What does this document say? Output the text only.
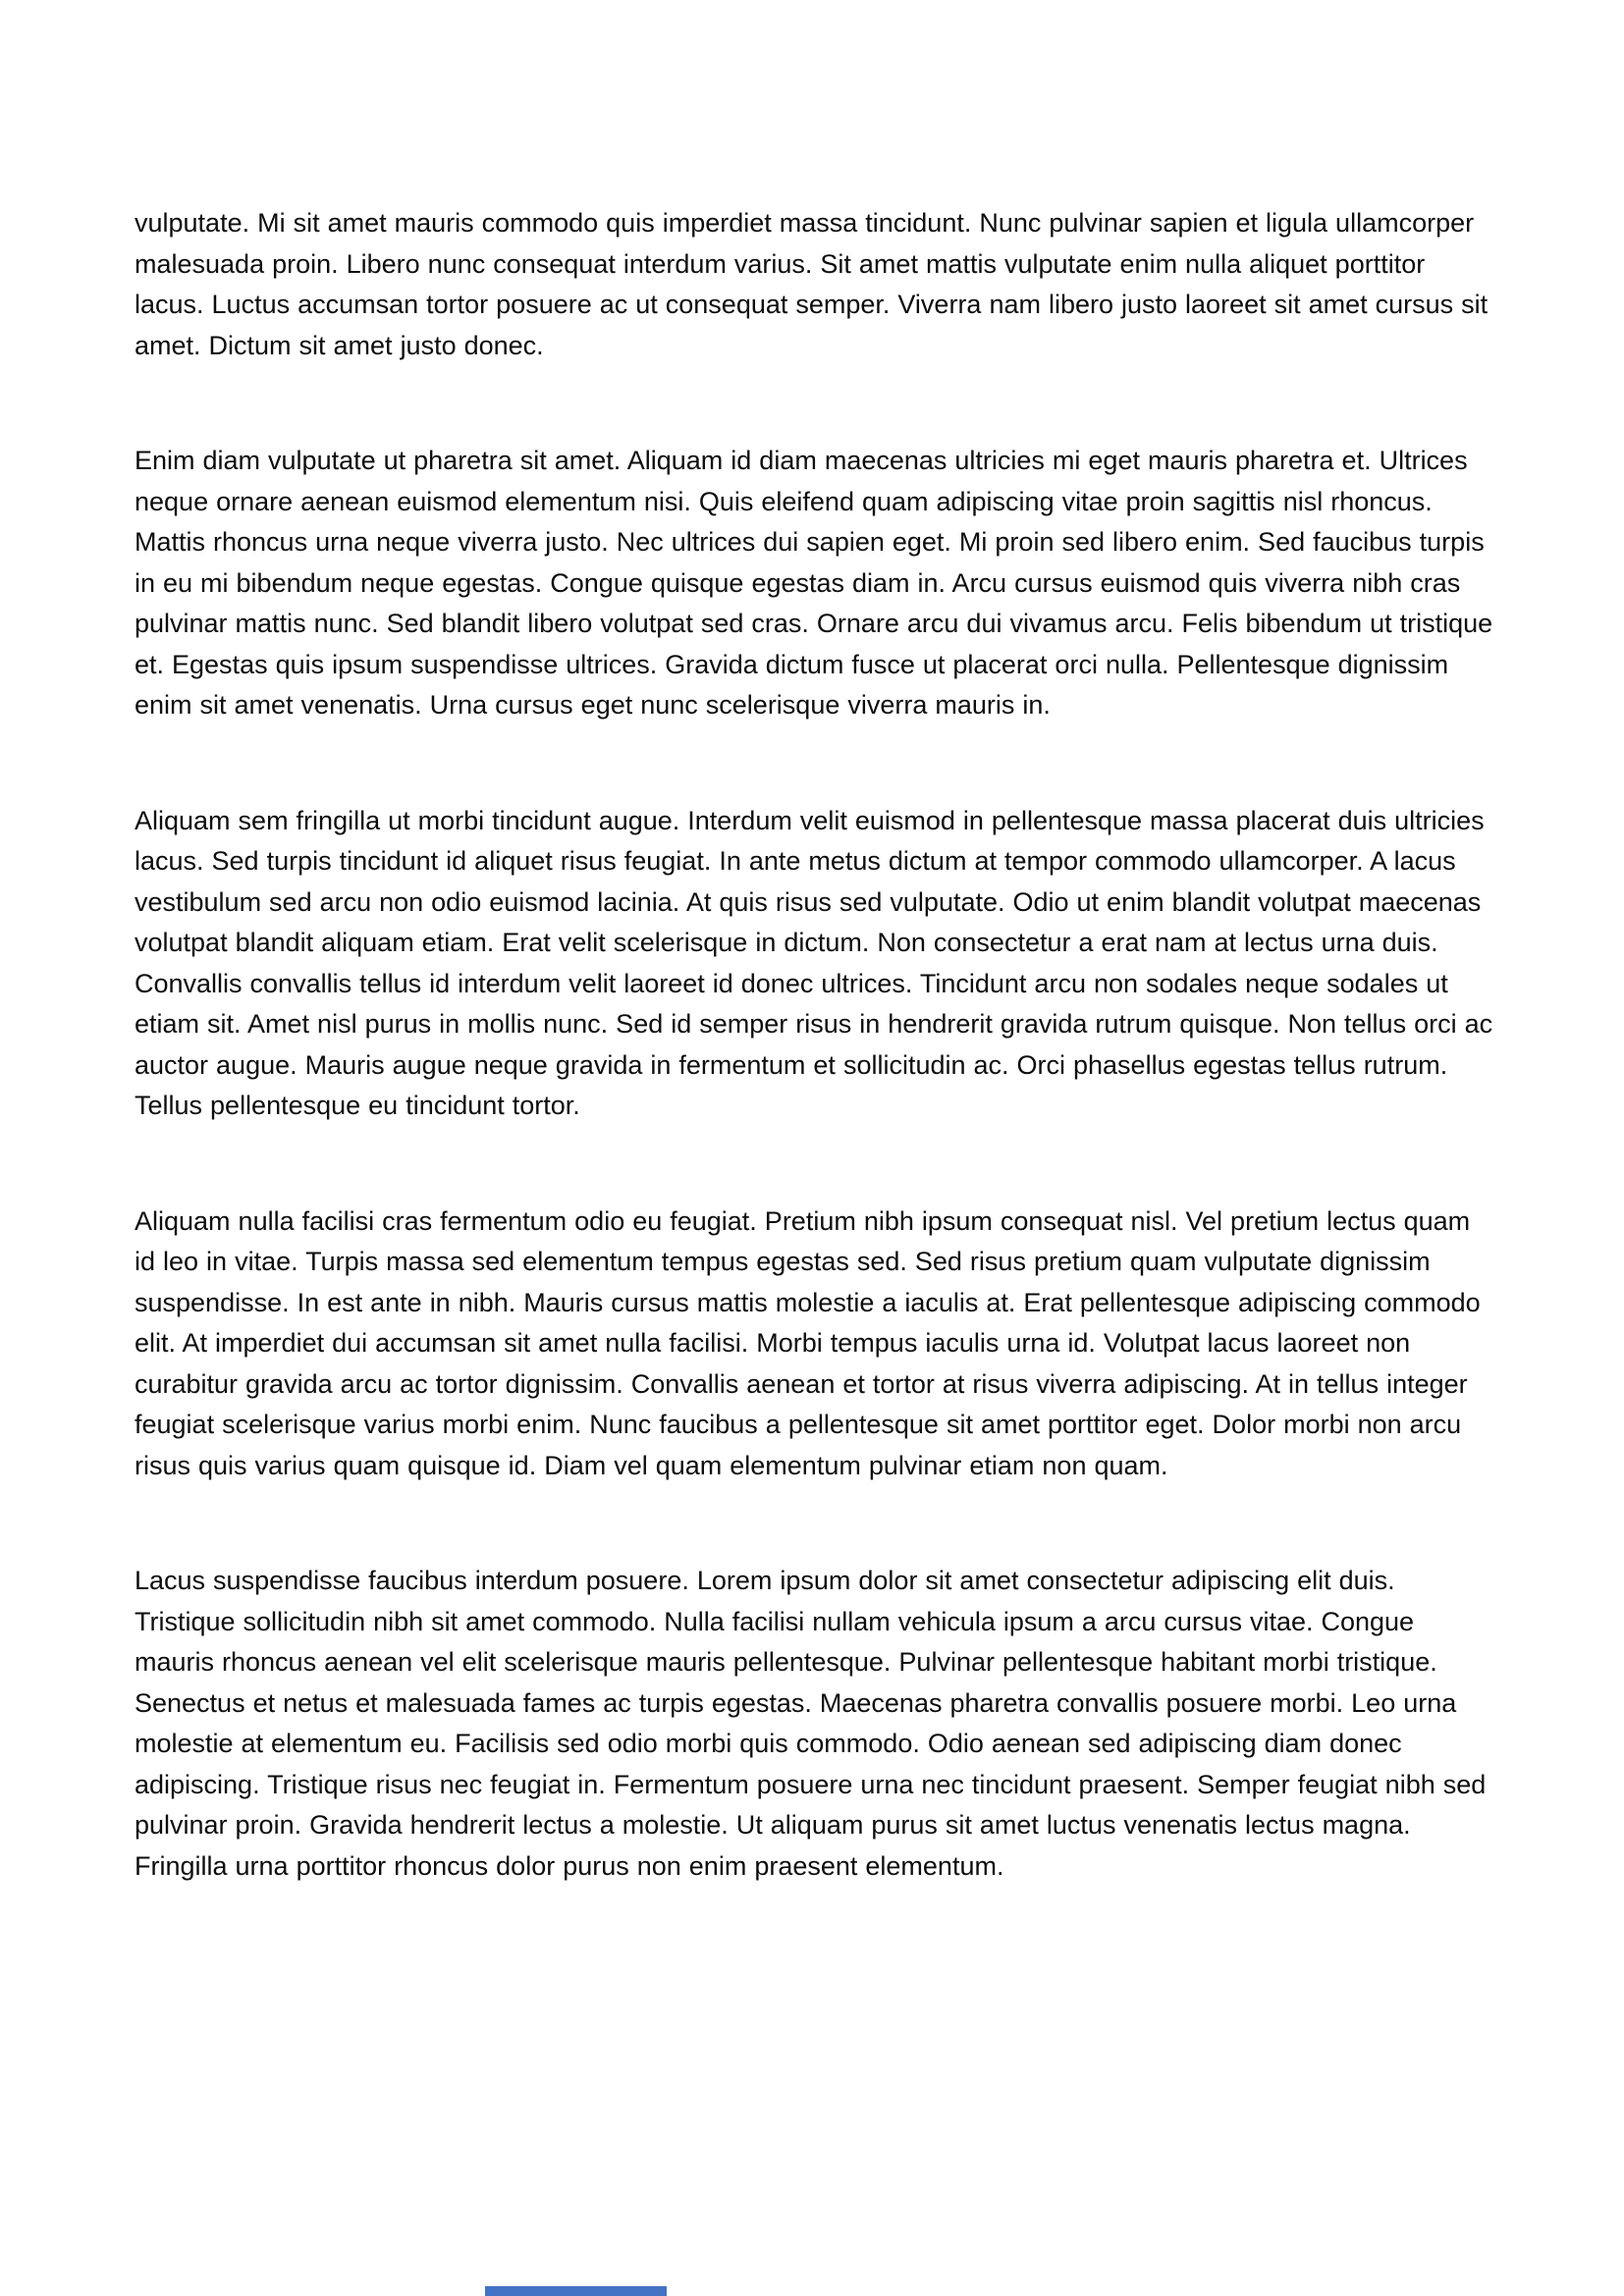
vulputate. Mi sit amet mauris commodo quis imperdiet massa tincidunt. Nunc pulvinar sapien et ligula ullamcorper malesuada proin. Libero nunc consequat interdum varius. Sit amet mattis vulputate enim nulla aliquet porttitor lacus. Luctus accumsan tortor posuere ac ut consequat semper. Viverra nam libero justo laoreet sit amet cursus sit amet. Dictum sit amet justo donec.

Enim diam vulputate ut pharetra sit amet. Aliquam id diam maecenas ultricies mi eget mauris pharetra et. Ultrices neque ornare aenean euismod elementum nisi. Quis eleifend quam adipiscing vitae proin sagittis nisl rhoncus. Mattis rhoncus urna neque viverra justo. Nec ultrices dui sapien eget. Mi proin sed libero enim. Sed faucibus turpis in eu mi bibendum neque egestas. Congue quisque egestas diam in. Arcu cursus euismod quis viverra nibh cras pulvinar mattis nunc. Sed blandit libero volutpat sed cras. Ornare arcu dui vivamus arcu. Felis bibendum ut tristique et. Egestas quis ipsum suspendisse ultrices. Gravida dictum fusce ut placerat orci nulla. Pellentesque dignissim enim sit amet venenatis. Urna cursus eget nunc scelerisque viverra mauris in.

Aliquam sem fringilla ut morbi tincidunt augue. Interdum velit euismod in pellentesque massa placerat duis ultricies lacus. Sed turpis tincidunt id aliquet risus feugiat. In ante metus dictum at tempor commodo ullamcorper. A lacus vestibulum sed arcu non odio euismod lacinia. At quis risus sed vulputate. Odio ut enim blandit volutpat maecenas volutpat blandit aliquam etiam. Erat velit scelerisque in dictum. Non consectetur a erat nam at lectus urna duis. Convallis convallis tellus id interdum velit laoreet id donec ultrices. Tincidunt arcu non sodales neque sodales ut etiam sit. Amet nisl purus in mollis nunc. Sed id semper risus in hendrerit gravida rutrum quisque. Non tellus orci ac auctor augue. Mauris augue neque gravida in fermentum et sollicitudin ac. Orci phasellus egestas tellus rutrum. Tellus pellentesque eu tincidunt tortor.

Aliquam nulla facilisi cras fermentum odio eu feugiat. Pretium nibh ipsum consequat nisl. Vel pretium lectus quam id leo in vitae. Turpis massa sed elementum tempus egestas sed. Sed risus pretium quam vulputate dignissim suspendisse. In est ante in nibh. Mauris cursus mattis molestie a iaculis at. Erat pellentesque adipiscing commodo elit. At imperdiet dui accumsan sit amet nulla facilisi. Morbi tempus iaculis urna id. Volutpat lacus laoreet non curabitur gravida arcu ac tortor dignissim. Convallis aenean et tortor at risus viverra adipiscing. At in tellus integer feugiat scelerisque varius morbi enim. Nunc faucibus a pellentesque sit amet porttitor eget. Dolor morbi non arcu risus quis varius quam quisque id. Diam vel quam elementum pulvinar etiam non quam.

Lacus suspendisse faucibus interdum posuere. Lorem ipsum dolor sit amet consectetur adipiscing elit duis. Tristique sollicitudin nibh sit amet commodo. Nulla facilisi nullam vehicula ipsum a arcu cursus vitae. Congue mauris rhoncus aenean vel elit scelerisque mauris pellentesque. Pulvinar pellentesque habitant morbi tristique. Senectus et netus et malesuada fames ac turpis egestas. Maecenas pharetra convallis posuere morbi. Leo urna molestie at elementum eu. Facilisis sed odio morbi quis commodo. Odio aenean sed adipiscing diam donec adipiscing. Tristique risus nec feugiat in. Fermentum posuere urna nec tincidunt praesent. Semper feugiat nibh sed pulvinar proin. Gravida hendrerit lectus a molestie. Ut aliquam purus sit amet luctus venenatis lectus magna. Fringilla urna porttitor rhoncus dolor purus non enim praesent elementum.
